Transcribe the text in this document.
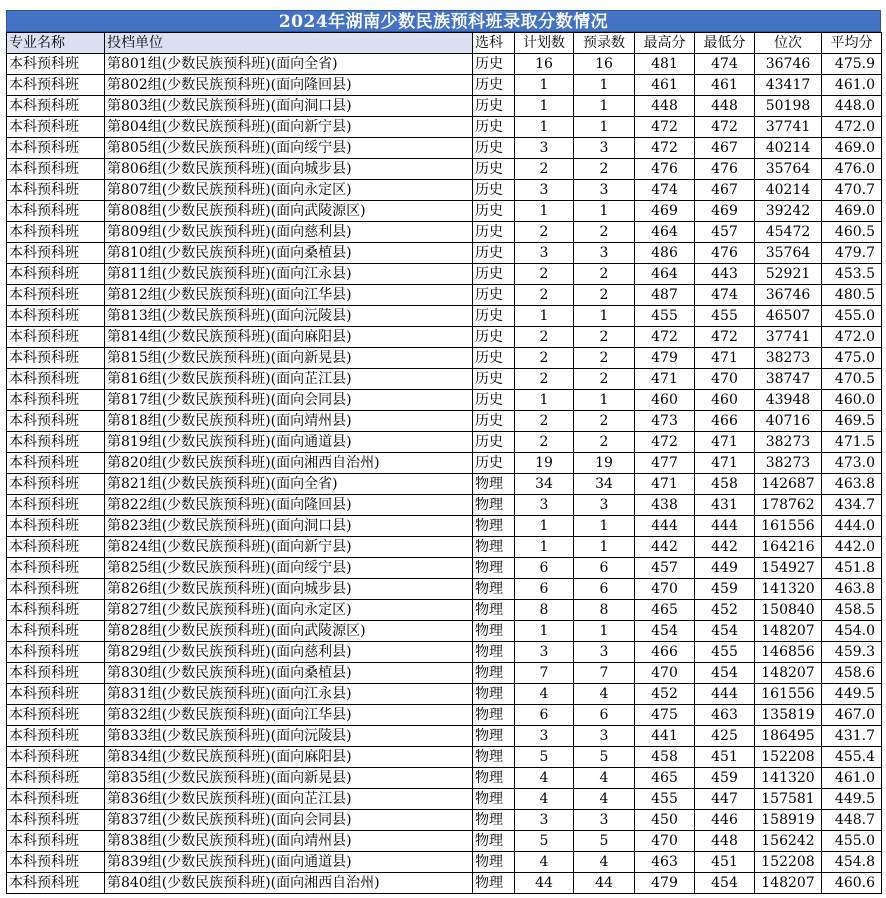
2024年湖南少数民族预科班录取分数情况
专业名称	投档单位	选科	计划数	预录数	最高分	最低分	位次	平均分
本科预科班	第801组(少数民族预科班)(面向全省)	历史	16	16	481	474	36746	475.9
本科预科班	第802组(少数民族预科班)(面向隆回县)	历史	1	1	461	461	43417	461.0
本科预科班	第803组(少数民族预科班)(面向洞口县)	历史	1	1	448	448	50198	448.0
本科预科班	第804组(少数民族预科班)(面向新宁县)	历史	1	1	472	472	37741	472.0
本科预科班	第805组(少数民族预科班)(面向绥宁县)	历史	3	3	472	467	40214	469.0
本科预科班	第806组(少数民族预科班)(面向城步县)	历史	2	2	476	476	35764	476.0
本科预科班	第807组(少数民族预科班)(面向永定区)	历史	3	3	474	467	40214	470.7
本科预科班	第808组(少数民族预科班)(面向武陵源区)	历史	1	1	469	469	39242	469.0
本科预科班	第809组(少数民族预科班)(面向慈利县)	历史	2	2	464	457	45472	460.5
本科预科班	第810组(少数民族预科班)(面向桑植县)	历史	3	3	486	476	35764	479.7
本科预科班	第811组(少数民族预科班)(面向江永县)	历史	2	2	464	443	52921	453.5
本科预科班	第812组(少数民族预科班)(面向江华县)	历史	2	2	487	474	36746	480.5
本科预科班	第813组(少数民族预科班)(面向沅陵县)	历史	1	1	455	455	46507	455.0
本科预科班	第814组(少数民族预科班)(面向麻阳县)	历史	2	2	472	472	37741	472.0
本科预科班	第815组(少数民族预科班)(面向新晃县)	历史	2	2	479	471	38273	475.0
本科预科班	第816组(少数民族预科班)(面向芷江县)	历史	2	2	471	470	38747	470.5
本科预科班	第817组(少数民族预科班)(面向会同县)	历史	1	1	460	460	43948	460.0
本科预科班	第818组(少数民族预科班)(面向靖州县)	历史	2	2	473	466	40716	469.5
本科预科班	第819组(少数民族预科班)(面向通道县)	历史	2	2	472	471	38273	471.5
本科预科班	第820组(少数民族预科班)(面向湘西自治州)	历史	19	19	477	471	38273	473.0
本科预科班	第821组(少数民族预科班)(面向全省)	物理	34	34	471	458	142687	463.8
本科预科班	第822组(少数民族预科班)(面向隆回县)	物理	3	3	438	431	178762	434.7
本科预科班	第823组(少数民族预科班)(面向洞口县)	物理	1	1	444	444	161556	444.0
本科预科班	第824组(少数民族预科班)(面向新宁县)	物理	1	1	442	442	164216	442.0
本科预科班	第825组(少数民族预科班)(面向绥宁县)	物理	6	6	457	449	154927	451.8
本科预科班	第826组(少数民族预科班)(面向城步县)	物理	6	6	470	459	141320	463.8
本科预科班	第827组(少数民族预科班)(面向永定区)	物理	8	8	465	452	150840	458.5
本科预科班	第828组(少数民族预科班)(面向武陵源区)	物理	1	1	454	454	148207	454.0
本科预科班	第829组(少数民族预科班)(面向慈利县)	物理	3	3	466	455	146856	459.3
本科预科班	第830组(少数民族预科班)(面向桑植县)	物理	7	7	470	454	148207	458.6
本科预科班	第831组(少数民族预科班)(面向江永县)	物理	4	4	452	444	161556	449.5
本科预科班	第832组(少数民族预科班)(面向江华县)	物理	6	6	475	463	135819	467.0
本科预科班	第833组(少数民族预科班)(面向沅陵县)	物理	3	3	441	425	186495	431.7
本科预科班	第834组(少数民族预科班)(面向麻阳县)	物理	5	5	458	451	152208	455.4
本科预科班	第835组(少数民族预科班)(面向新晃县)	物理	4	4	465	459	141320	461.0
本科预科班	第836组(少数民族预科班)(面向芷江县)	物理	4	4	455	447	157581	449.5
本科预科班	第837组(少数民族预科班)(面向会同县)	物理	3	3	450	446	158919	448.7
本科预科班	第838组(少数民族预科班)(面向靖州县)	物理	5	5	470	448	156242	455.0
本科预科班	第839组(少数民族预科班)(面向通道县)	物理	4	4	463	451	152208	454.8
本科预科班	第840组(少数民族预科班)(面向湘西自治州)	物理	44	44	479	454	148207	460.6
